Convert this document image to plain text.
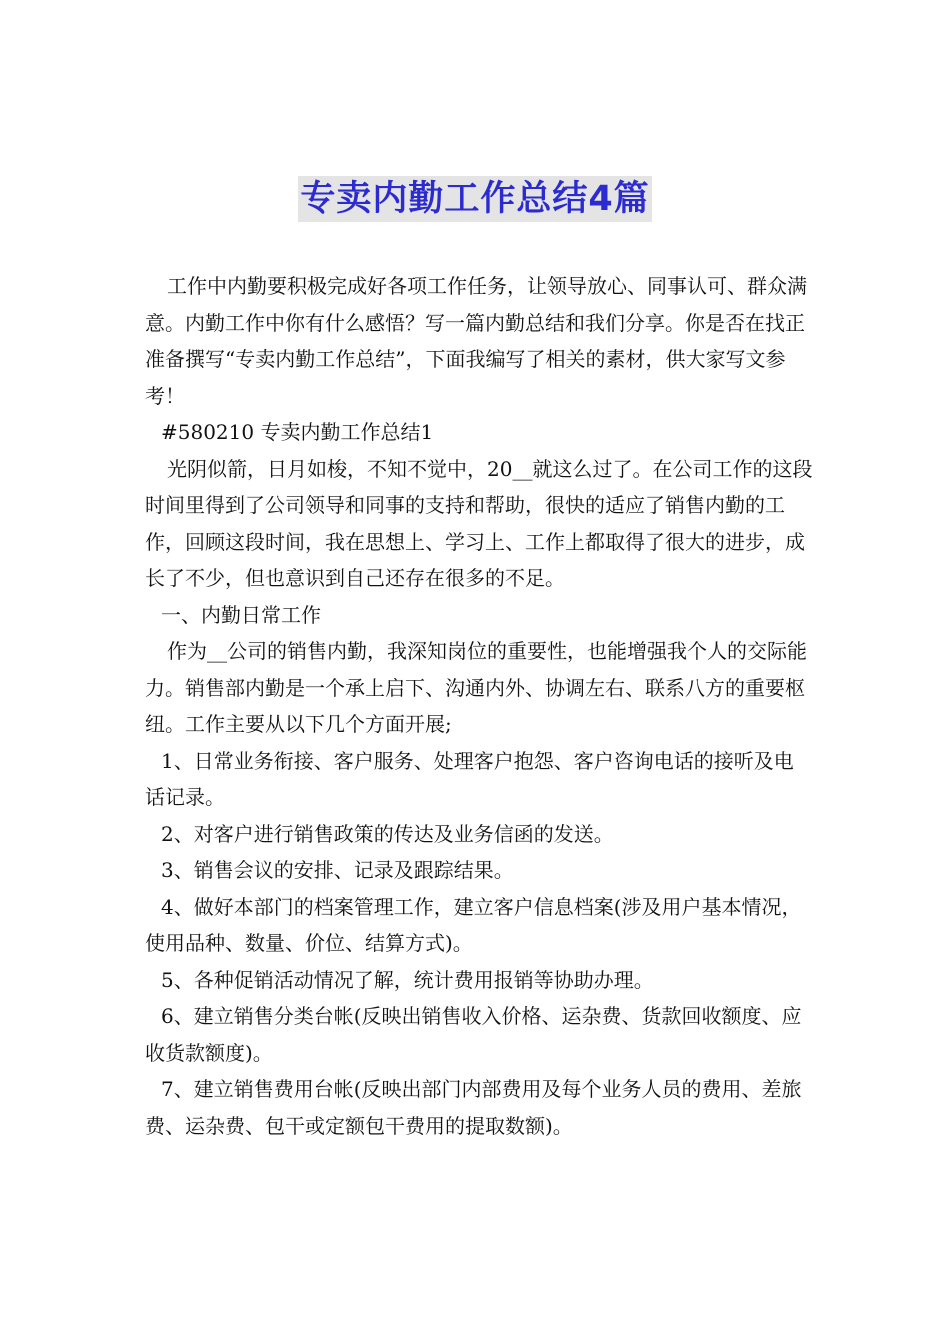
专卖内勤工作总结4篇

工作中内勤要积极完成好各项工作任务，让领导放心、同事认可、群众满意。内勤工作中你有什么感悟？写一篇内勤总结和我们分享。你是否在找正准备撰写“专卖内勤工作总结”，下面我编写了相关的素材，供大家写文参考！

#580210 专卖内勤工作总结1

光阴似箭，日月如梭，不知不觉中，20__就这么过了。在公司工作的这段时间里得到了公司领导和同事的支持和帮助，很快的适应了销售内勤的工作，回顾这段时间，我在思想上、学习上、工作上都取得了很大的进步，成长了不少，但也意识到自己还存在很多的不足。

一、内勤日常工作

作为__公司的销售内勤，我深知岗位的重要性，也能增强我个人的交际能力。销售部内勤是一个承上启下、沟通内外、协调左右、联系八方的重要枢纽。工作主要从以下几个方面开展;

1、日常业务衔接、客户服务、处理客户抱怨、客户咨询电话的接听及电话记录。

2、对客户进行销售政策的传达及业务信函的发送。

3、销售会议的安排、记录及跟踪结果。

4、做好本部门的档案管理工作，建立客户信息档案(涉及用户基本情况，使用品种、数量、价位、结算方式)。

5、各种促销活动情况了解，统计费用报销等协助办理。

6、建立销售分类台帐(反映出销售收入价格、运杂费、货款回收额度、应收货款额度)。

7、建立销售费用台帐(反映出部门内部费用及每个业务人员的费用、差旅费、运杂费、包干或定额包干费用的提取数额)。
